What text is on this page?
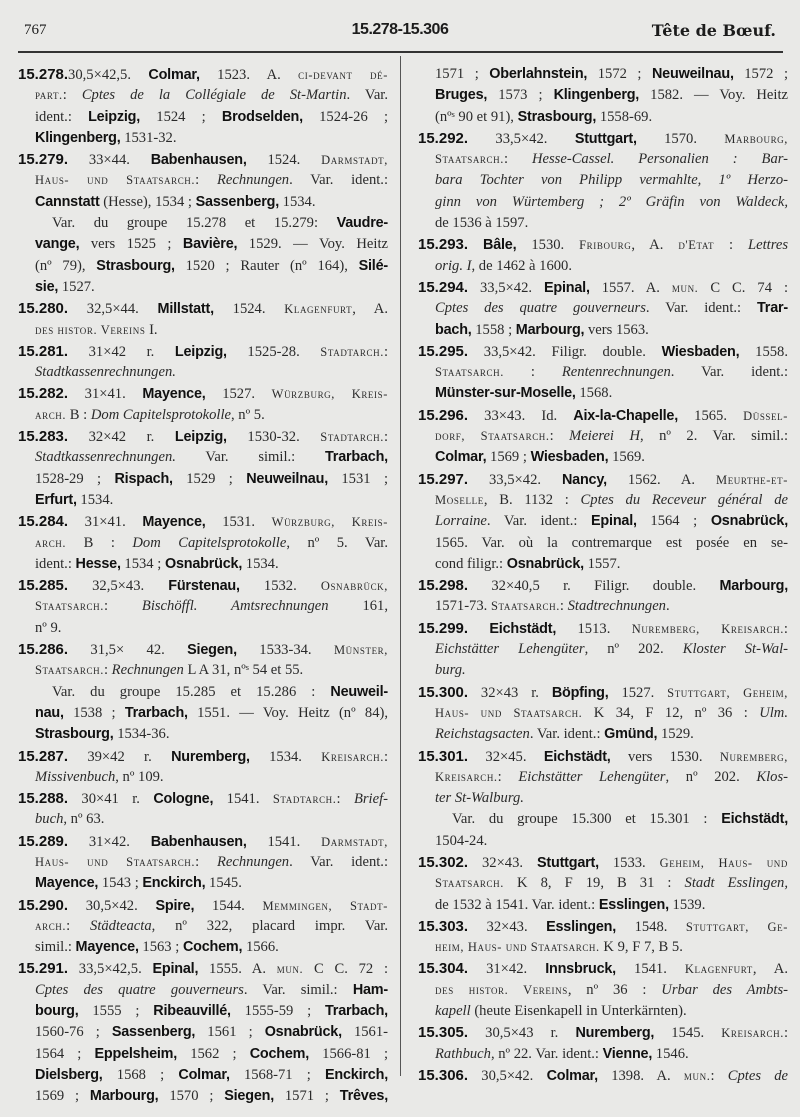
767	15.278-15.306	Tête de Bœuf.
15.278.30,5×42,5. Colmar, 1523. A. ci-devant dé-
part.: Cptes de la Collégiale de St-Martin. Var.
ident.: Leipzig, 1524 ; Brodselden, 1524-26 ;
Klingenberg, 1531-32.
15.279. 33×44. Babenhausen, 1524. Darmstadt,
Haus- und Staatsarch.: Rechnungen. Var. ident.:
Cannstatt (Hesse), 1534 ; Sassenberg, 1534.
Var. du groupe 15.278 et 15.279: Vaudre-
vange, vers 1525 ; Bavière, 1529. — Voy. Heitz
(nº 79), Strasbourg, 1520 ; Rauter (nº 164), Silé-
sie, 1527.
15.280. 32,5×44. Millstatt, 1524. Klagenfurt, A.
des histor. Vereins I.
15.281. 31×42 r. Leipzig, 1525-28. Stadtarch.:
Stadtkassenrechnungen.
15.282. 31×41. Mayence, 1527. Würzburg, Kreis-
arch. B : Dom Capitelsprotokolle, nº 5.
15.283. 32×42 r. Leipzig, 1530-32. Stadtarch.:
Stadtkassenrechnungen. Var. simil.: Trarbach,
1528-29 ; Rispach, 1529 ; Neuweilnau, 1531 ;
Erfurt, 1534.
15.284. 31×41. Mayence, 1531. Würzburg, Kreis-
arch. B : Dom Capitelsprotokolle, nº 5. Var.
ident.: Hesse, 1534 ; Osnabrück, 1534.
15.285. 32,5×43. Fürstenau, 1532. Osnabrück,
Staatsarch.: Bischöffl. Amtsrechnungen 161,
nº 9.
15.286. 31,5× 42. Siegen, 1533-34. Münster,
Staatsarch.: Rechnungen L A 31, nºˢ 54 et 55.
Var. du groupe 15.285 et 15.286 : Neuweil-
nau, 1538 ; Trarbach, 1551. — Voy. Heitz (nº 84),
Strasbourg, 1534-36.
15.287. 39×42 r. Nuremberg, 1534. Kreisarch.:
Missivenbuch, nº 109.
15.288. 30×41 r. Cologne, 1541. Stadtarch.: Brief-
buch, nº 63.
15.289. 31×42. Babenhausen, 1541. Darmstadt,
Haus- und Staatsarch.: Rechnungen. Var. ident.:
Mayence, 1543 ; Enckirch, 1545.
15.290. 30,5×42. Spire, 1544. Memmingen, Stadt-
arch.: Städteacta, nº 322, placard impr. Var.
simil.: Mayence, 1563 ; Cochem, 1566.
15.291. 33,5×42,5. Epinal, 1555. A. mun. C C. 72 :
Cptes des quatre gouverneurs. Var. simil.: Ham-
bourg, 1555 ; Ribeauvillé, 1555-59 ; Trarbach,
1560-76 ; Sassenberg, 1561 ; Osnabrück, 1561-
1564 ; Eppelsheim, 1562 ; Cochem, 1566-81 ;
Dielsberg, 1568 ; Colmar, 1568-71 ; Enckirch,
1569 ; Marbourg, 1570 ; Siegen, 1571 ; Trêves,
1571 ; Oberlahnstein, 1572 ; Neuweilnau, 1572 ;
Bruges, 1573 ; Klingenberg, 1582. — Voy. Heitz
(nºˢ 90 et 91), Strasbourg, 1558-69.
15.292. 33,5×42. Stuttgart, 1570. Marbourg,
Staatsarch.: Hesse-Cassel. Personalien : Bar-
bara Tochter von Philipp vermahlte, 1º Herzo-
ginn von Würtemberg ; 2º Gräfin von Waldeck,
de 1536 à 1597.
15.293. Bâle, 1530. Fribourg, A. d'Etat : Lettres
orig. I, de 1462 à 1600.
15.294. 33,5×42. Epinal, 1557. A. mun. C C. 74 :
Cptes des quatre gouverneurs. Var. ident.: Trar-
bach, 1558 ; Marbourg, vers 1563.
15.295. 33,5×42. Filigr. double. Wiesbaden, 1558.
Staatsarch. : Rentenrechnungen. Var. ident.:
Münster-sur-Moselle, 1568.
15.296. 33×43. Id. Aix-la-Chapelle, 1565. Düssel-
dorf, Staatsarch.: Meierei H, nº 2. Var. simil.:
Colmar, 1569 ; Wiesbaden, 1569.
15.297. 33,5×42. Nancy, 1562. A. Meurthe-et-
Moselle, B. 1132 : Cptes du Receveur général de
Lorraine. Var. ident.: Epinal, 1564 ; Osnabrück,
1565. Var. où la contremarque est posée en se-
cond filigr.: Osnabrück, 1557.
15.298. 32×40,5 r. Filigr. double. Marbourg,
1571-73. Staatsarch.: Stadtrechnungen.
15.299. Eichstädt, 1513. Nuremberg, Kreisarch.:
Eichstätter Lehengüter, nº 202. Kloster St-Wal-
burg.
15.300. 32×43 r. Böpfing, 1527. Stuttgart, Geheim,
Haus- und Staatsarch. K 34, F 12, nº 36 : Ulm.
Reichstagsacten. Var. ident.: Gmünd, 1529.
15.301. 32×45. Eichstädt, vers 1530. Nuremberg,
Kreisarch.: Eichstätter Lehengüter, nº 202. Klos-
ter St-Walburg.
Var. du groupe 15.300 et 15.301 : Eichstädt,
1504-24.
15.302. 32×43. Stuttgart, 1533. Geheim, Haus- und
Staatsarch. K 8, F 19, B 31 : Stadt Esslingen,
de 1532 à 1541. Var. ident.: Esslingen, 1539.
15.303. 32×43. Esslingen, 1548. Stuttgart, Ge-
heim, Haus- und Staatsarch. K 9, F 7, B 5.
15.304. 31×42. Innsbruck, 1541. Klagenfurt, A.
des histor. Vereins, nº 36 : Urbar des Ambts-
kapell (heute Eisenkapell in Unterkärnten).
15.305. 30,5×43 r. Nuremberg, 1545. Kreisarch.:
Rathbuch, nº 22. Var. ident.: Vienne, 1546.
15.306. 30,5×42. Colmar, 1398. A. mun.: Cptes de
